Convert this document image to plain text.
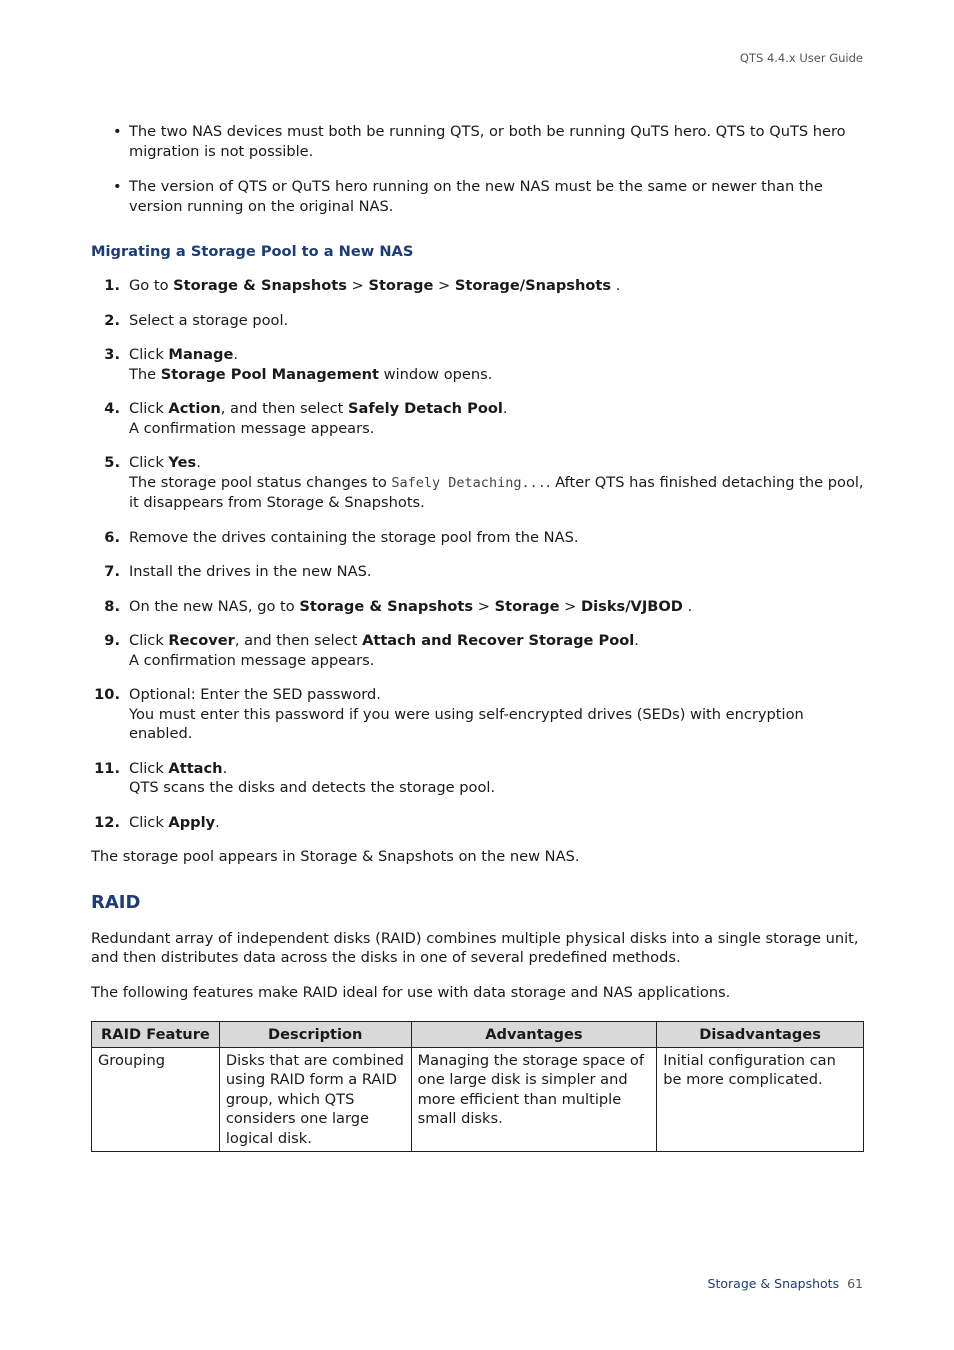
QTS 4.4.x User Guide
• The two NAS devices must both be running QTS, or both be running QuTS hero. QTS to QuTS hero migration is not possible.
• The version of QTS or QuTS hero running on the new NAS must be the same or newer than the version running on the original NAS.
Migrating a Storage Pool to a New NAS
1. Go to Storage & Snapshots > Storage > Storage/Snapshots .
2. Select a storage pool.
3. Click Manage.
The Storage Pool Management window opens.
4. Click Action, and then select Safely Detach Pool.
A confirmation message appears.
5. Click Yes.
The storage pool status changes to Safely Detaching.... After QTS has finished detaching the pool, it disappears from Storage & Snapshots.
6. Remove the drives containing the storage pool from the NAS.
7. Install the drives in the new NAS.
8. On the new NAS, go to Storage & Snapshots > Storage > Disks/VJBOD .
9. Click Recover, and then select Attach and Recover Storage Pool.
A confirmation message appears.
10. Optional: Enter the SED password.
You must enter this password if you were using self-encrypted drives (SEDs) with encryption enabled.
11. Click Attach.
QTS scans the disks and detects the storage pool.
12. Click Apply.

The storage pool appears in Storage & Snapshots on the new NAS.

RAID

Redundant array of independent disks (RAID) combines multiple physical disks into a single storage unit, and then distributes data across the disks in one of several predefined methods.

The following features make RAID ideal for use with data storage and NAS applications.

RAID Feature	Description	Advantages	Disadvantages
Grouping	Disks that are combined using RAID form a RAID group, which QTS considers one large logical disk.	Managing the storage space of one large disk is simpler and more efficient than multiple small disks.	Initial configuration can be more complicated.
Storage & Snapshots 61
